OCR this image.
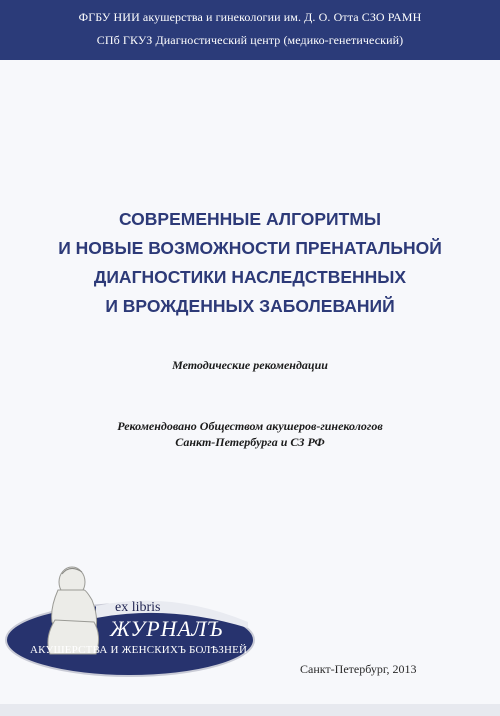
ФГБУ НИИ акушерства и гинекологии им. Д. О. Отта СЗО РАМН
СПб ГКУЗ Диагностический центр (медико-генетический)
СОВРЕМЕННЫЕ АЛГОРИТМЫ
И НОВЫЕ ВОЗМОЖНОСТИ ПРЕНАТАЛЬНОЙ
ДИАГНОСТИКИ НАСЛЕДСТВЕННЫХ
И ВРОЖДЕННЫХ ЗАБОЛЕВАНИЙ
Методические рекомендации
Рекомендовано Обществом акушеров-гинекологов
Санкт-Петербурга и СЗ РФ
ex libris
ЖУРНАЛЪ
АКУШЕРСТВА И ЖЕНСКИХЪ БОЛѢЗНЕЙ
Санкт-Петербург, 2013
